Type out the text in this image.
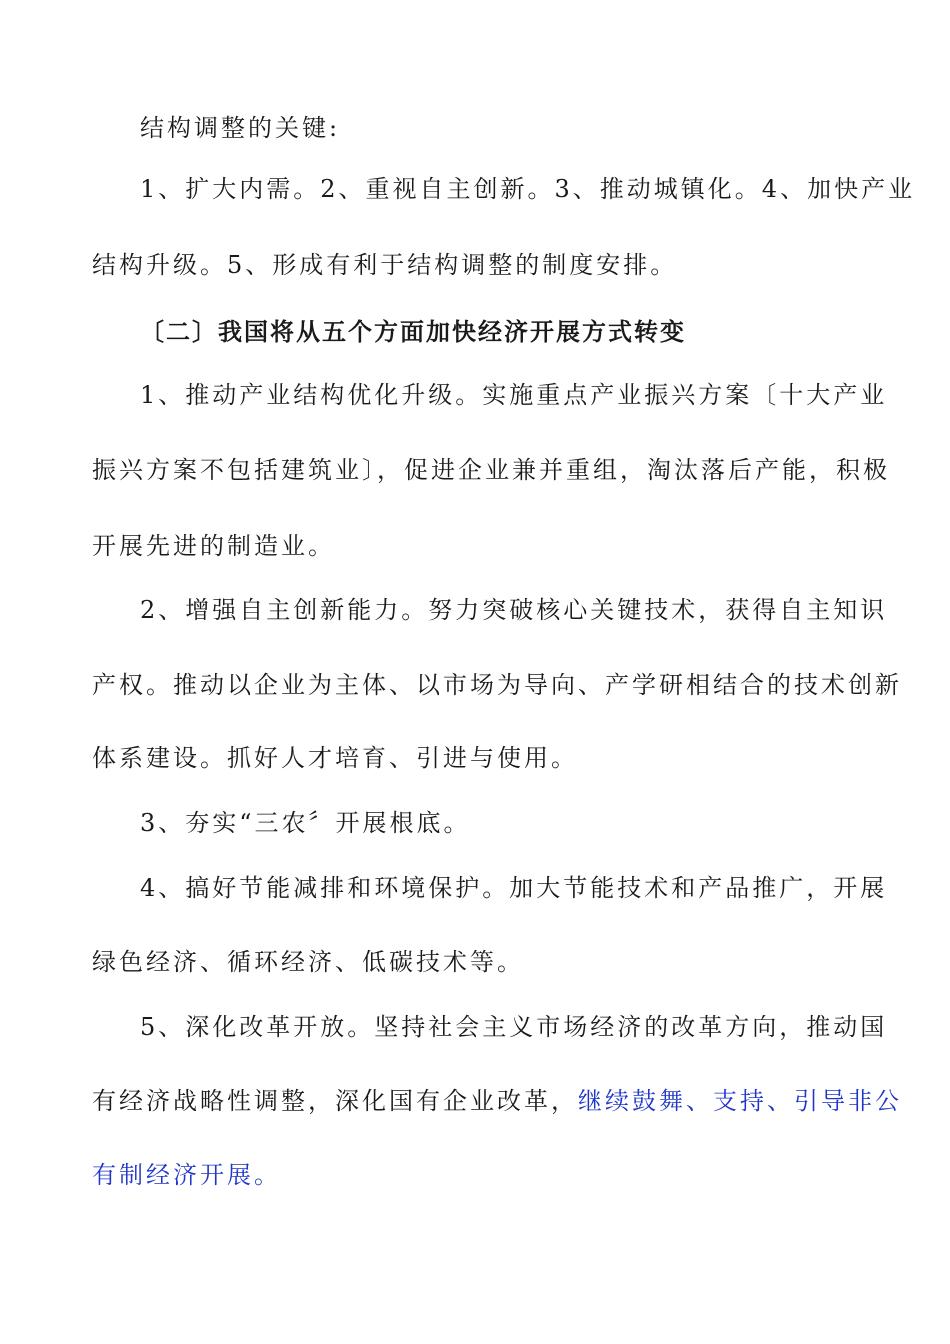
结构调整的关键:
1、扩大内需。2、重视自主创新。3、推动城镇化。4、加快产业
结构升级。5、形成有利于结构调整的制度安排。
〔二〕我国将从五个方面加快经济开展方式转变
1、推动产业结构优化升级。实施重点产业振兴方案〔十大产业
振兴方案不包括建筑业〕，促进企业兼并重组，淘汰落后产能，积极
开展先进的制造业。
2、增强自主创新能力。努力突破核心关键技术，获得自主知识
产权。推动以企业为主体、以市场为导向、产学研相结合的技术创新
体系建设。抓好人才培育、引进与使用。
3、夯实“三农〞开展根底。
4、搞好节能减排和环境保护。加大节能技术和产品推广，开展
绿色经济、循环经济、低碳技术等。
5、深化改革开放。坚持社会主义市场经济的改革方向，推动国
有经济战略性调整，深化国有企业改革，继续鼓舞、支持、引导非公
有制经济开展。
